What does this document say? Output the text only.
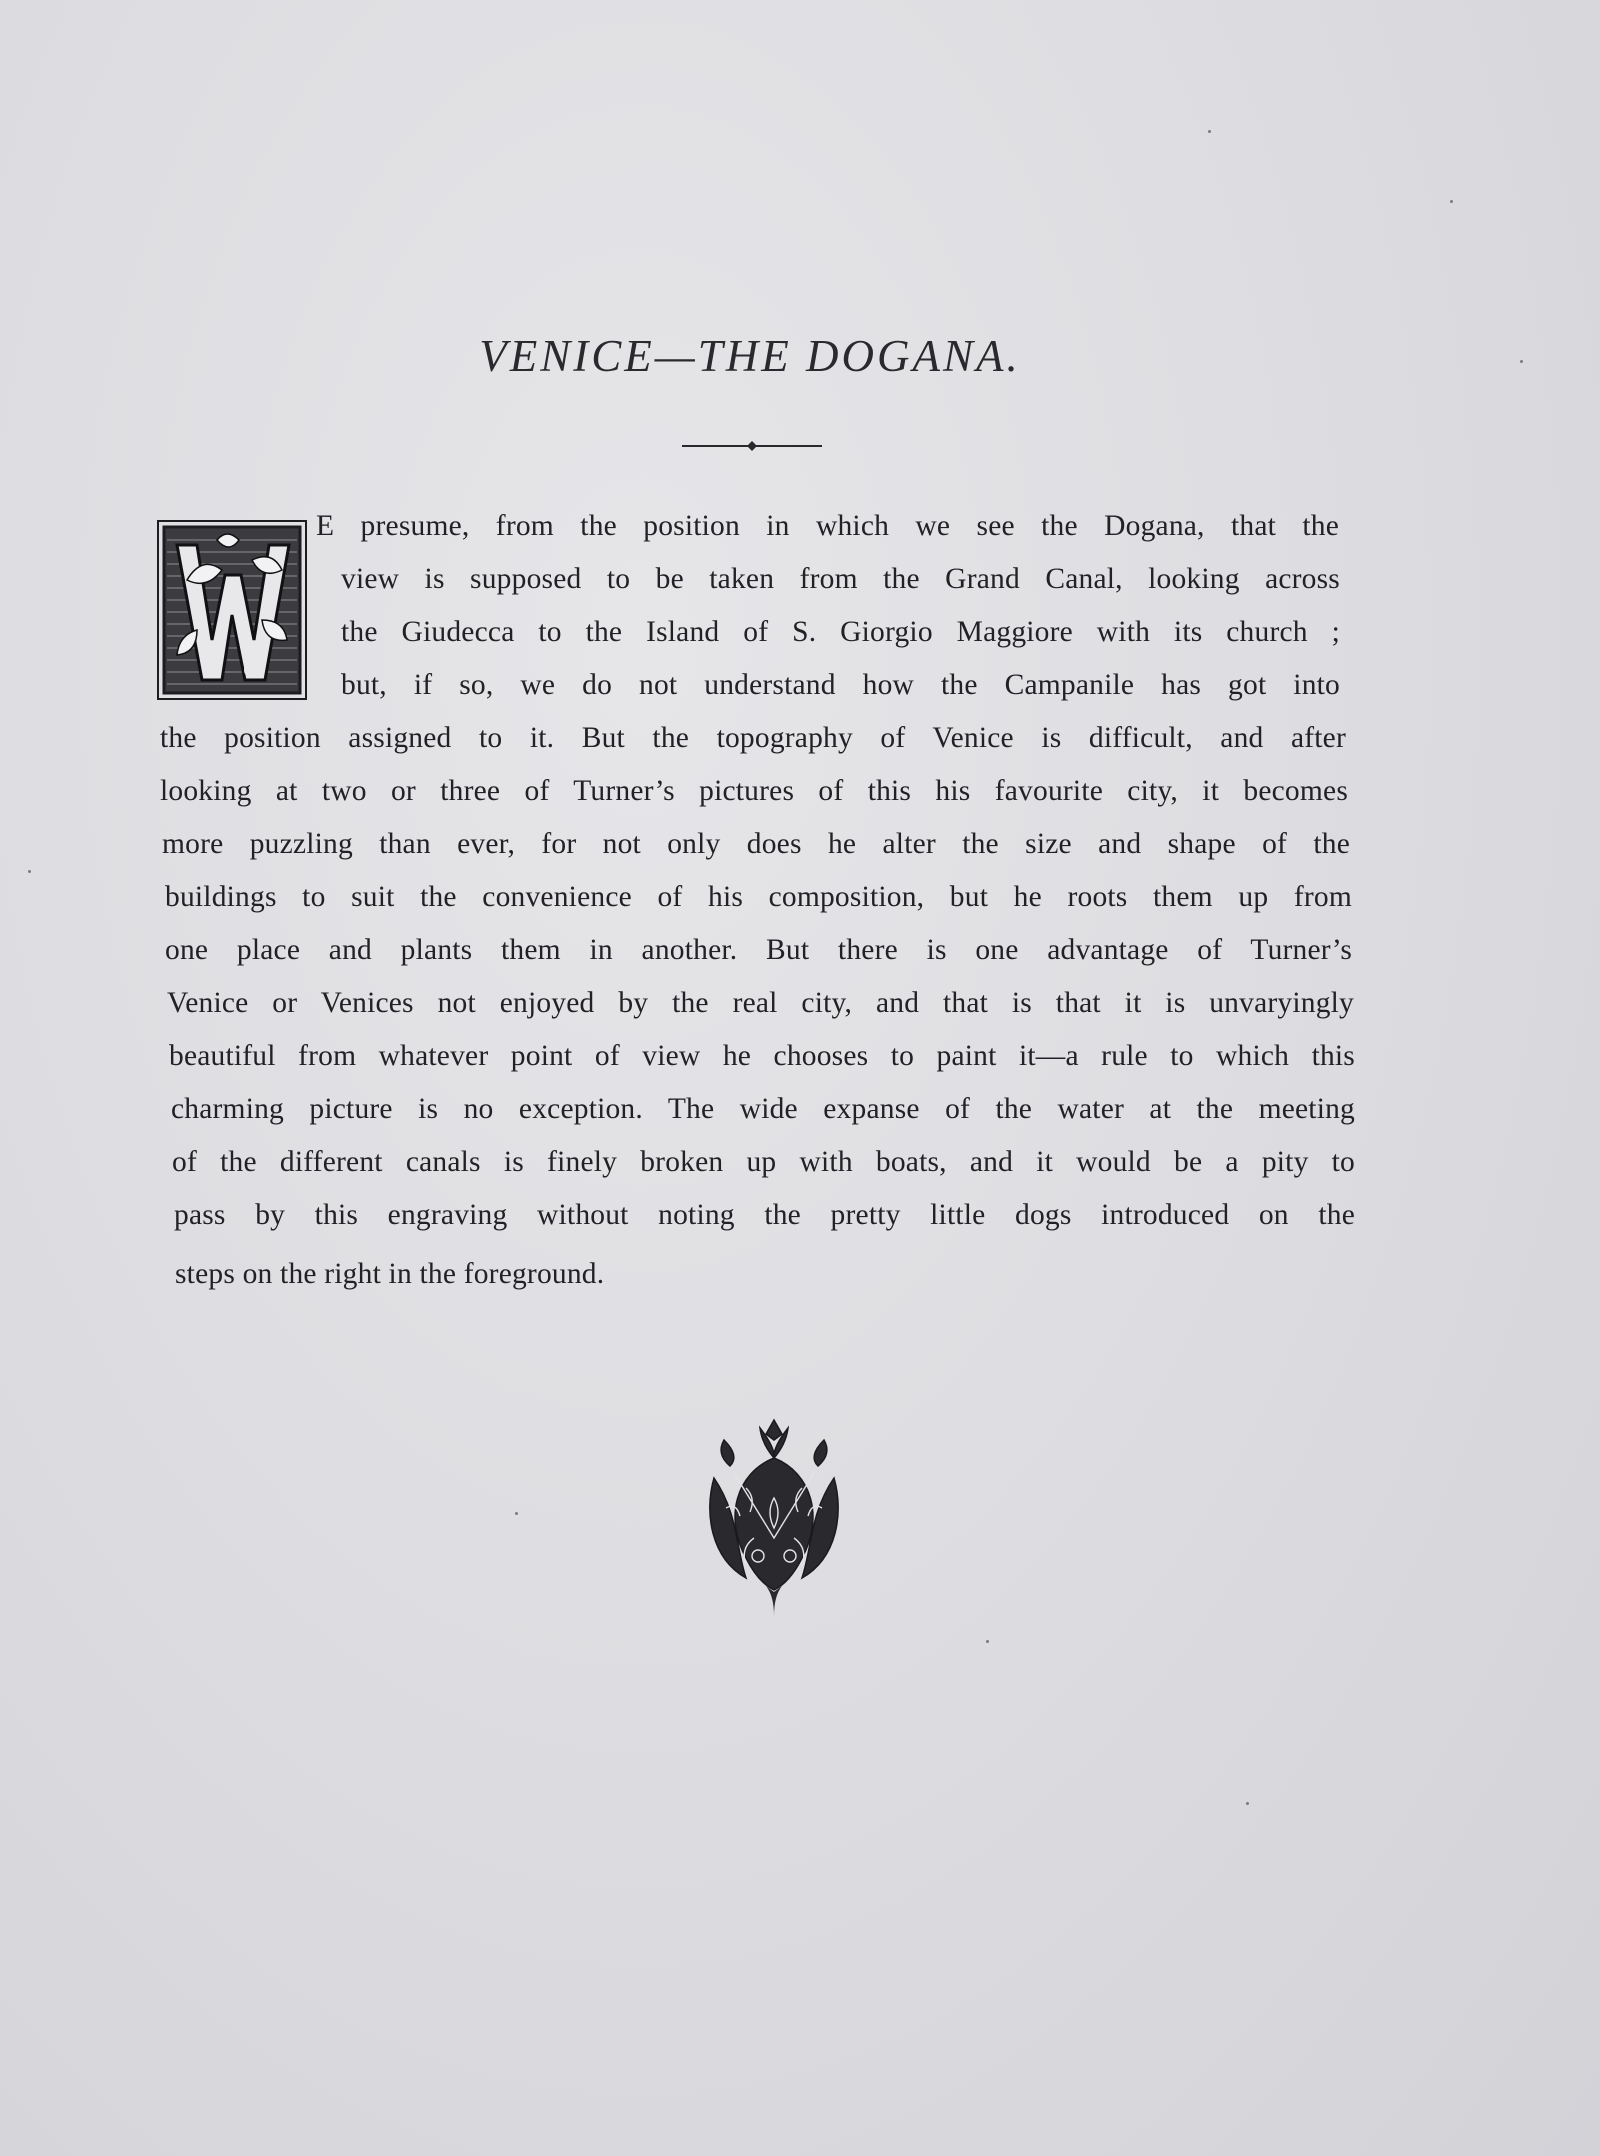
VENICE—THE DOGANA.
E presume, from the position in which we see the Dogana, that the
view is supposed to be taken from the Grand Canal, looking across
the Giudecca to the Island of S. Giorgio Maggiore with its church ;
but, if so, we do not understand how the Campanile has got into
the position assigned to it. But the topography of Venice is difficult, and after
looking at two or three of Turner’s pictures of this his favourite city, it becomes
more puzzling than ever, for not only does he alter the size and shape of the
buildings to suit the convenience of his composition, but he roots them up from
one place and plants them in another. But there is one advantage of Turner’s
Venice or Venices not enjoyed by the real city, and that is that it is unvaryingly
beautiful from whatever point of view he chooses to paint it—a rule to which this
charming picture is no exception. The wide expanse of the water at the meeting
of the different canals is finely broken up with boats, and it would be a pity to
pass by this engraving without noting the pretty little dogs introduced on the
steps on the right in the foreground.
